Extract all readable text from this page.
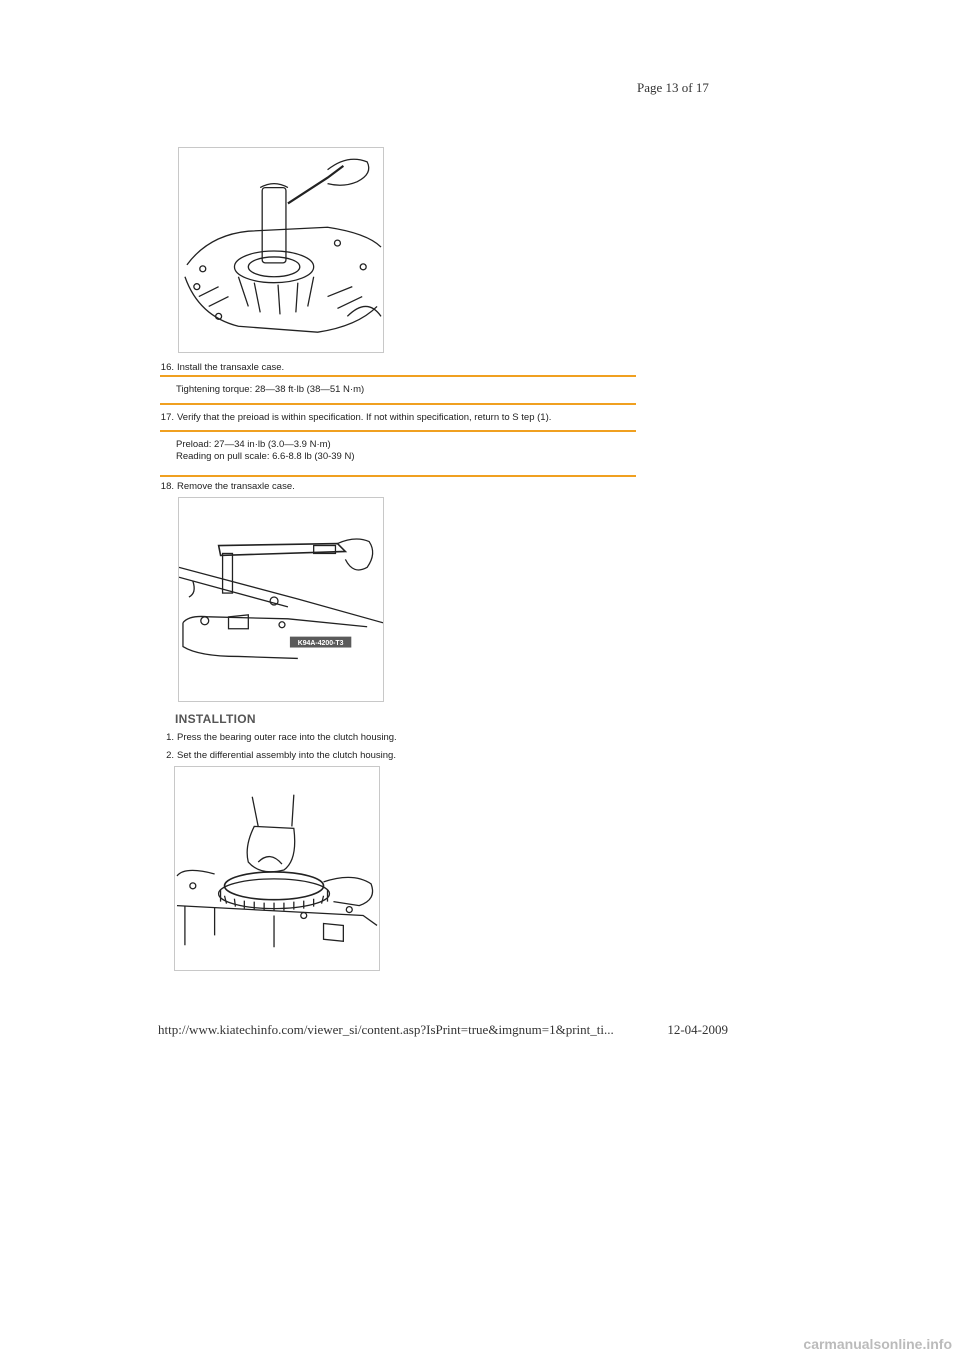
Page 13 of 17
16. Install the transaxle case.
Tightening torque: 28—38 ft·lb (38—51 N·m)
17. Verify that the preioad is within specification. If not within specification, return to S tep (1).
Preload: 27—34 in·lb (3.0—3.9 N·m)
Reading on pull scale: 6.6-8.8 lb (30-39 N)
18. Remove the transaxle case.
K94A-4200-T3
INSTALLTION
1. Press the bearing outer race into the clutch housing.
2. Set the differential assembly into the clutch housing.
http://www.kiatechinfo.com/viewer_si/content.asp?IsPrint=true&imgnum=1&print_ti...	12-04-2009
carmanualsonline.info
